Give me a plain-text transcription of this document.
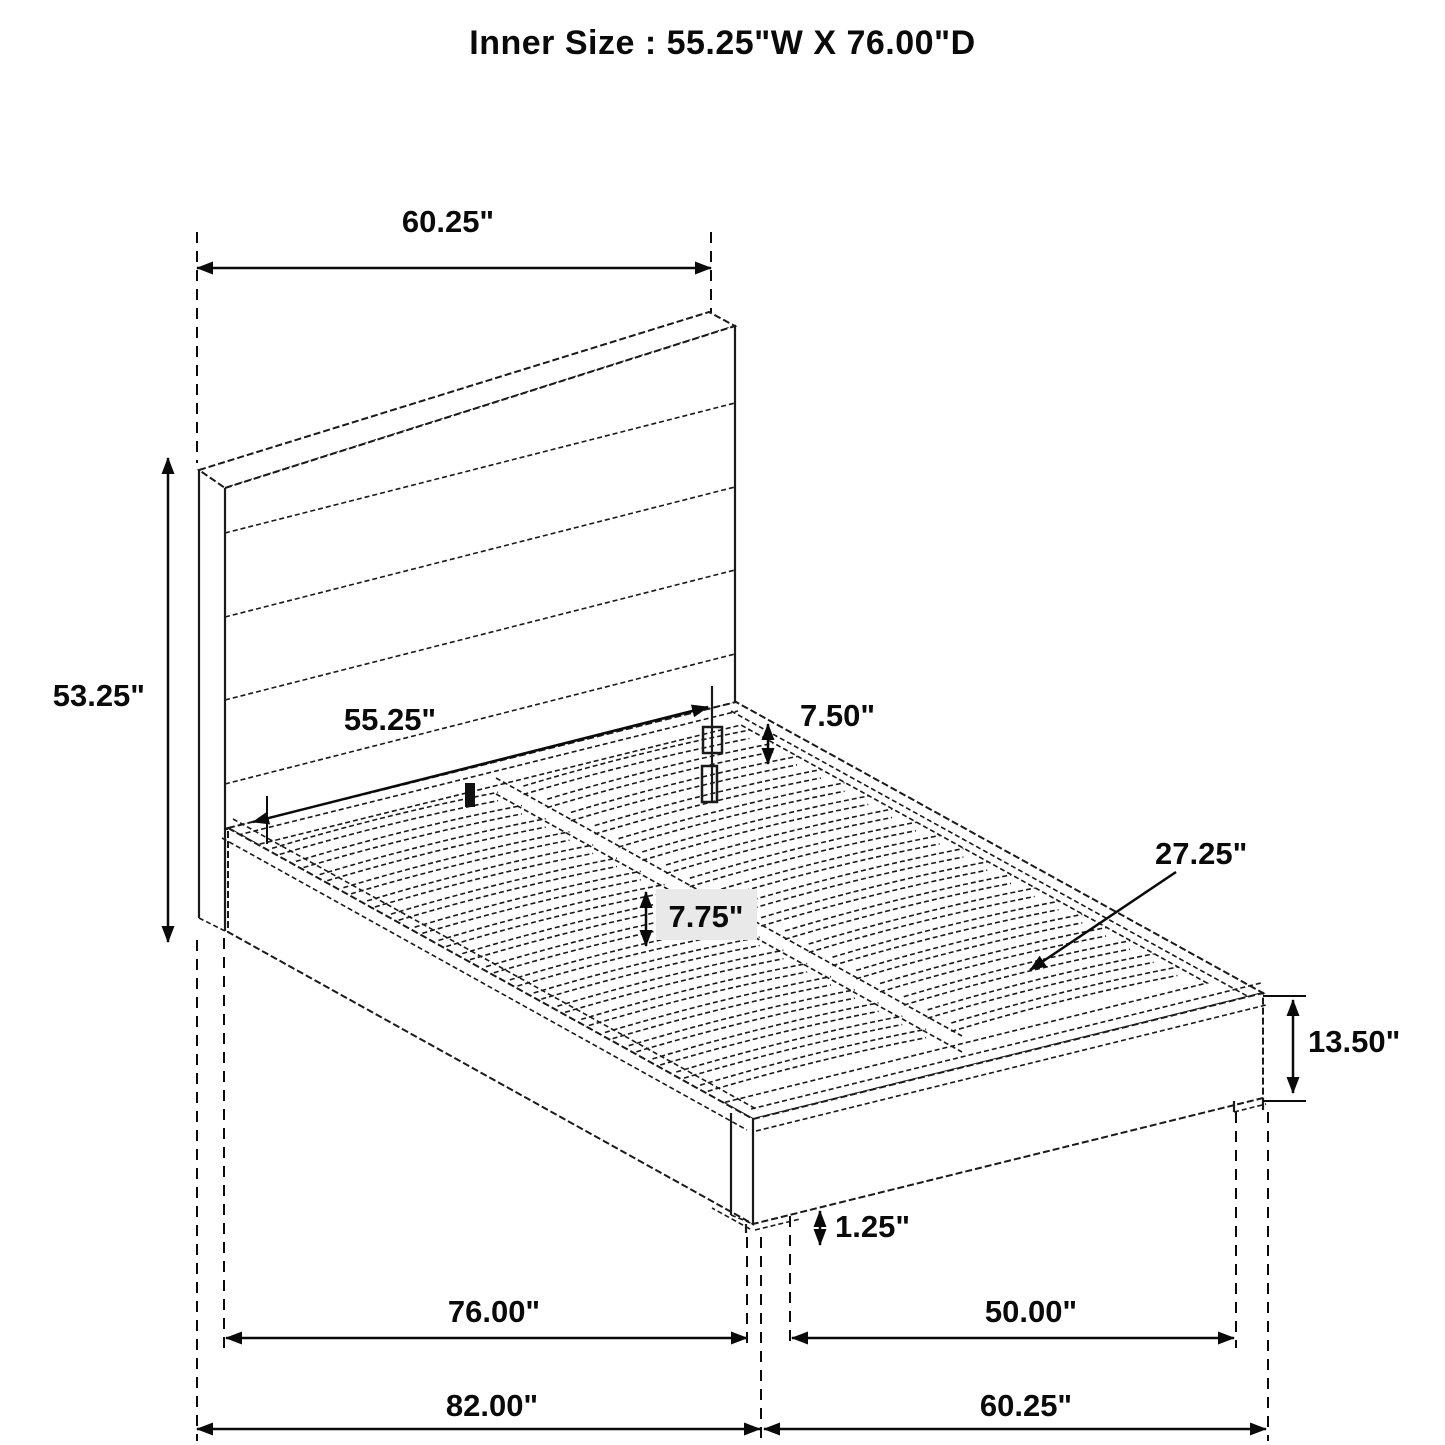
Inner Size : 55.25"W X 76.00"D
60.25"
53.25"
55.25"	7.50"
7.75"
27.25"
13.50"
1.25"
76.00"
82.00"
50.00"
60.25"
